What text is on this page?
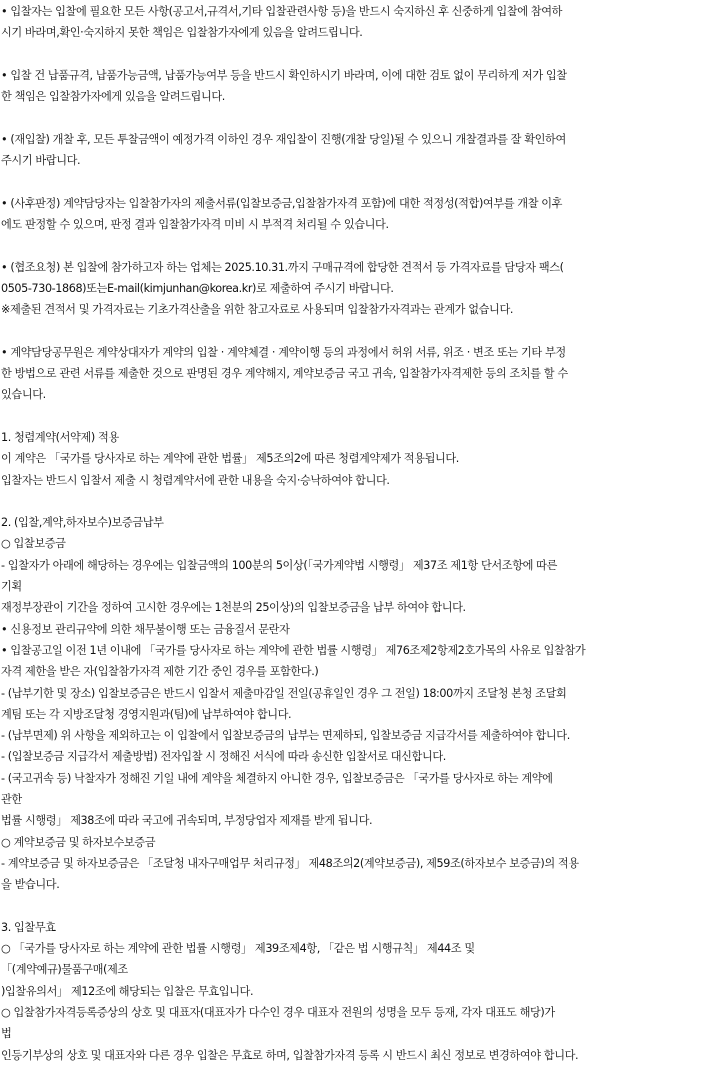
• 입찰자는 입찰에 필요한 모든 사항(공고서,규격서,기타 입찰관련사항 등)을 반드시 숙지하신 후 신중하게 입찰에 참여하
시기 바라며,확인·숙지하지 못한 책임은 입찰참가자에게 있음을 알려드립니다.
• 입찰 건 납품규격, 납품가능금액, 납품가능여부 등을 반드시 확인하시기 바라며, 이에 대한 검토 없이 무리하게 저가 입찰
한 책임은 입찰참가자에게 있음을 알려드립니다.
• (재입찰) 개찰 후, 모든 투찰금액이 예정가격 이하인 경우 재입찰이 진행(개찰 당일)될 수 있으니 개찰결과를 잘 확인하여
주시기 바랍니다.
• (사후판정) 계약담당자는 입찰참가자의 제출서류(입찰보증금,입찰참가자격 포함)에 대한 적정성(적합)여부를 개찰 이후
에도 판정할 수 있으며, 판정 결과 입찰참가자격 미비 시 부적격 처리될 수 있습니다.
• (협조요청) 본 입찰에 참가하고자 하는 업체는 2025.10.31.까지 구매규격에 합당한 견적서 등 가격자료를 담당자 팩스(
0505-730-1868)또는E-mail(kimjunhan@korea.kr)로 제출하여 주시기 바랍니다.
※제출된 견적서 및 가격자료는 기초가격산출을 위한 참고자료로 사용되며 입찰참가자격과는 관계가 없습니다.
• 계약담당공무원은 계약상대자가 계약의 입찰 · 계약체결 · 계약이행 등의 과정에서 허위 서류, 위조 · 변조 또는 기타 부정
한 방법으로 관련 서류를 제출한 것으로 판명된 경우 계약해지, 계약보증금 국고 귀속, 입찰참가자격제한 등의 조치를 할 수
있습니다.
1. 청렴계약(서약제) 적용
이 계약은 「국가를 당사자로 하는 계약에 관한 법률」 제5조의2에 따른 청렴계약제가 적용됩니다.
입찰자는 반드시 입찰서 제출 시 청렴계약서에 관한 내용을 숙지·승낙하여야 합니다.
2. (입찰,계약,하자보수)보증금납부
○ 입찰보증금
- 입찰자가 아래에 해당하는 경우에는 입찰금액의 100분의 5이상(「국가계약법 시행령」 제37조 제1항 단서조항에 따른
기획
재정부장관이 기간을 정하여 고시한 경우에는 1천분의 25이상)의 입찰보증금을 납부 하여야 합니다.
• 신용정보 관리규약에 의한 채무불이행 또는 금융질서 문란자
• 입찰공고일 이전 1년 이내에 「국가를 당사자로 하는 계약에 관한 법률 시행령」 제76조제2항제2호가목의 사유로 입찰참가
자격 제한을 받은 자(입찰참가자격 제한 기간 중인 경우를 포함한다.)
- (납부기한 및 장소) 입찰보증금은 반드시 입찰서 제출마감일 전일(공휴일인 경우 그 전일) 18:00까지 조달청 본청 조달회
계팀 또는 각 지방조달청 경영지원과(팀)에 납부하여야 합니다.
- (납부면제) 위 사항을 제외하고는 이 입찰에서 입찰보증금의 납부는 면제하되, 입찰보증금 지급각서를 제출하여야 합니다.
- (입찰보증금 지급각서 제출방법) 전자입찰 시 정해진 서식에 따라 송신한 입찰서로 대신합니다.
- (국고귀속 등) 낙찰자가 정해진 기일 내에 계약을 체결하지 아니한 경우, 입찰보증금은 「국가를 당사자로 하는 계약에
관한
법률 시행령」 제38조에 따라 국고에 귀속되며, 부정당업자 제재를 받게 됩니다.
○ 계약보증금 및 하자보수보증금
- 계약보증금 및 하자보증금은 「조달청 내자구매업무 처리규정」 제48조의2(계약보증금), 제59조(하자보수 보증금)의 적용
을 받습니다.
3. 입찰무효
○ 「국가를 당사자로 하는 계약에 관한 법률 시행령」 제39조제4항, 「같은 법 시행규칙」 제44조 및
「(계약예규)물품구매(제조
)입찰유의서」 제12조에 해당되는 입찰은 무효입니다.
○ 입찰참가자격등록증상의 상호 및 대표자(대표자가 다수인 경우 대표자 전원의 성명을 모두 등재, 각자 대표도 해당)가
법
인등기부상의 상호 및 대표자와 다른 경우 입찰은 무효로 하며, 입찰참가자격 등록 시 반드시 최신 정보로 변경하여야 합니다.
